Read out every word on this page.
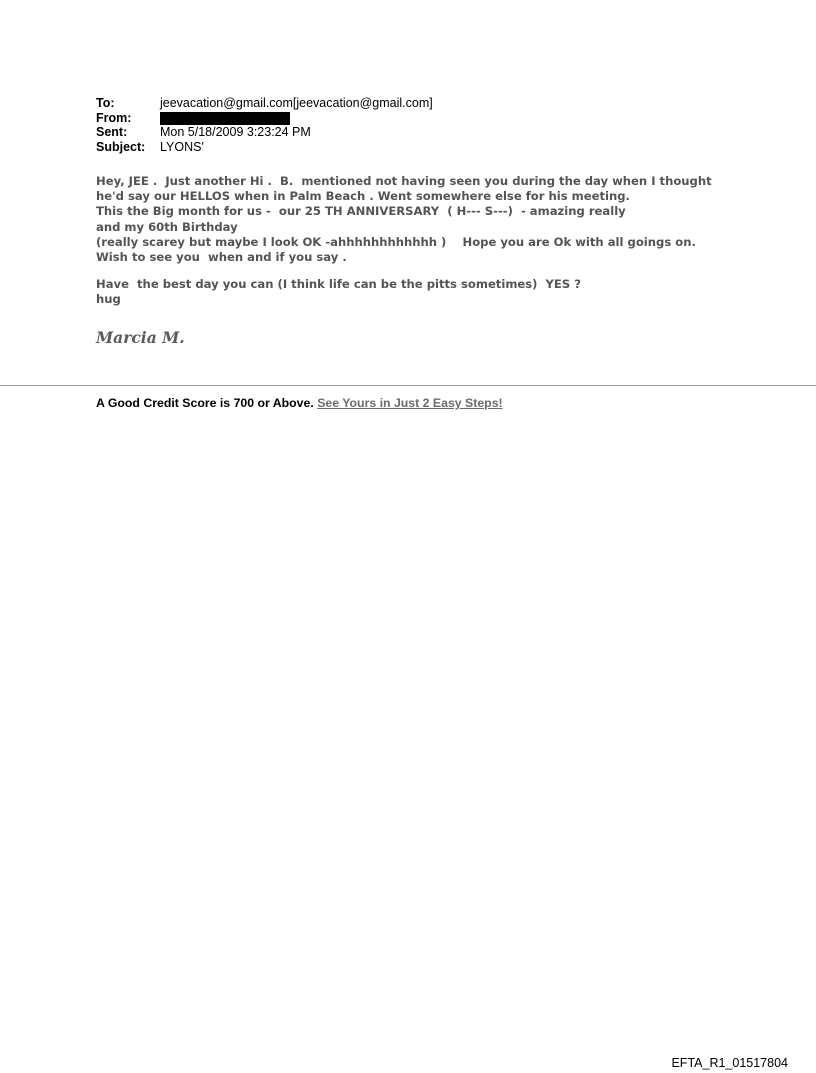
To:	jeevacation@gmail.com[jeevacation@gmail.com]
From:
Sent:	Mon 5/18/2009 3:23:24 PM
Subject:	LYONS'
Hey, JEE .  Just another Hi .  B.  mentioned not having seen you during the day when I thought
he'd say our HELLOS when in Palm Beach . Went somewhere else for his meeting.
This the Big month for us -  our 25 TH ANNIVERSARY  ( H--- S---)  - amazing really
and my 60th Birthday
(really scarey but maybe I look OK -ahhhhhhhhhhhh )    Hope you are Ok with all goings on.
Wish to see you  when and if you say .
Have  the best day you can (I think life can be the pitts sometimes)  YES ?
hug
Marcia M.
A Good Credit Score is 700 or Above. See Yours in Just 2 Easy Steps!
EFTA_R1_01517804
